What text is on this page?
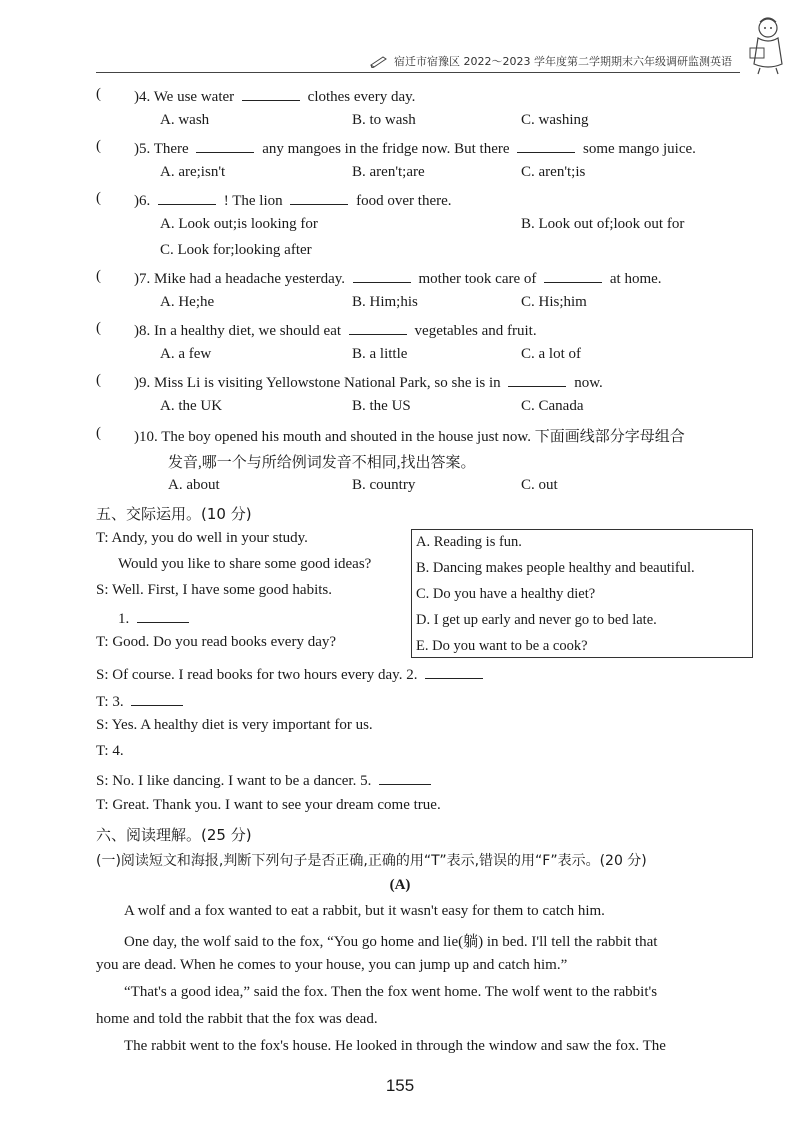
宿迁市宿豫区 2022～2023 学年度第二学期期末六年级调研监测英语
( )4. We use water	clothes every day.
A. wash	B. to wash	C. washing
( )5. There	any mangoes in the fridge now. But there	some mango juice.
A. are;isn't	B. aren't;are	C. aren't;is
( )6.	! The lion	food over there.
A. Look out;is looking for	B. Look out of;look out for
C. Look for;looking after
( )7. Mike had a headache yesterday.	mother took care of	at home.
A. He;he	B. Him;his	C. His;him
( )8. In a healthy diet, we should eat	vegetables and fruit.
A. a few	B. a little	C. a lot of
( )9. Miss Li is visiting Yellowstone National Park, so she is in	now.
A. the UK	B. the US	C. Canada
( )10. The boy opened his mouth and shouted in the house just now. 下面画线部分字母组合
发音,哪一个与所给例词发音不相同,找出答案。
A. about	B. country	C. out
五、交际运用。(10 分)
T: Andy, you do well in your study.
Would you like to share some good ideas?
S: Well. First, I have some good habits.
1.
T: Good. Do you read books every day?
A. Reading is fun.
B. Dancing makes people healthy and beautiful.
C. Do you have a healthy diet?
D. I get up early and never go to bed late.
E. Do you want to be a cook?
S: Of course. I read books for two hours every day. 2.
T: 3.
S: Yes. A healthy diet is very important for us.
T: 4.
S: No. I like dancing. I want to be a dancer. 5.
T: Great. Thank you. I want to see your dream come true.
六、阅读理解。(25 分)
(一)阅读短文和海报,判断下列句子是否正确,正确的用“T”表示,错误的用“F”表示。(20 分)
(A)
A wolf and a fox wanted to eat a rabbit, but it wasn't easy for them to catch him.
One day, the wolf said to the fox, “You go home and lie(躺) in bed. I'll tell the rabbit that
you are dead. When he comes to your house, you can jump up and catch him.”
“That's a good idea,” said the fox. Then the fox went home. The wolf went to the rabbit's
home and told the rabbit that the fox was dead.
The rabbit went to the fox's house. He looked in through the window and saw the fox. The
155
